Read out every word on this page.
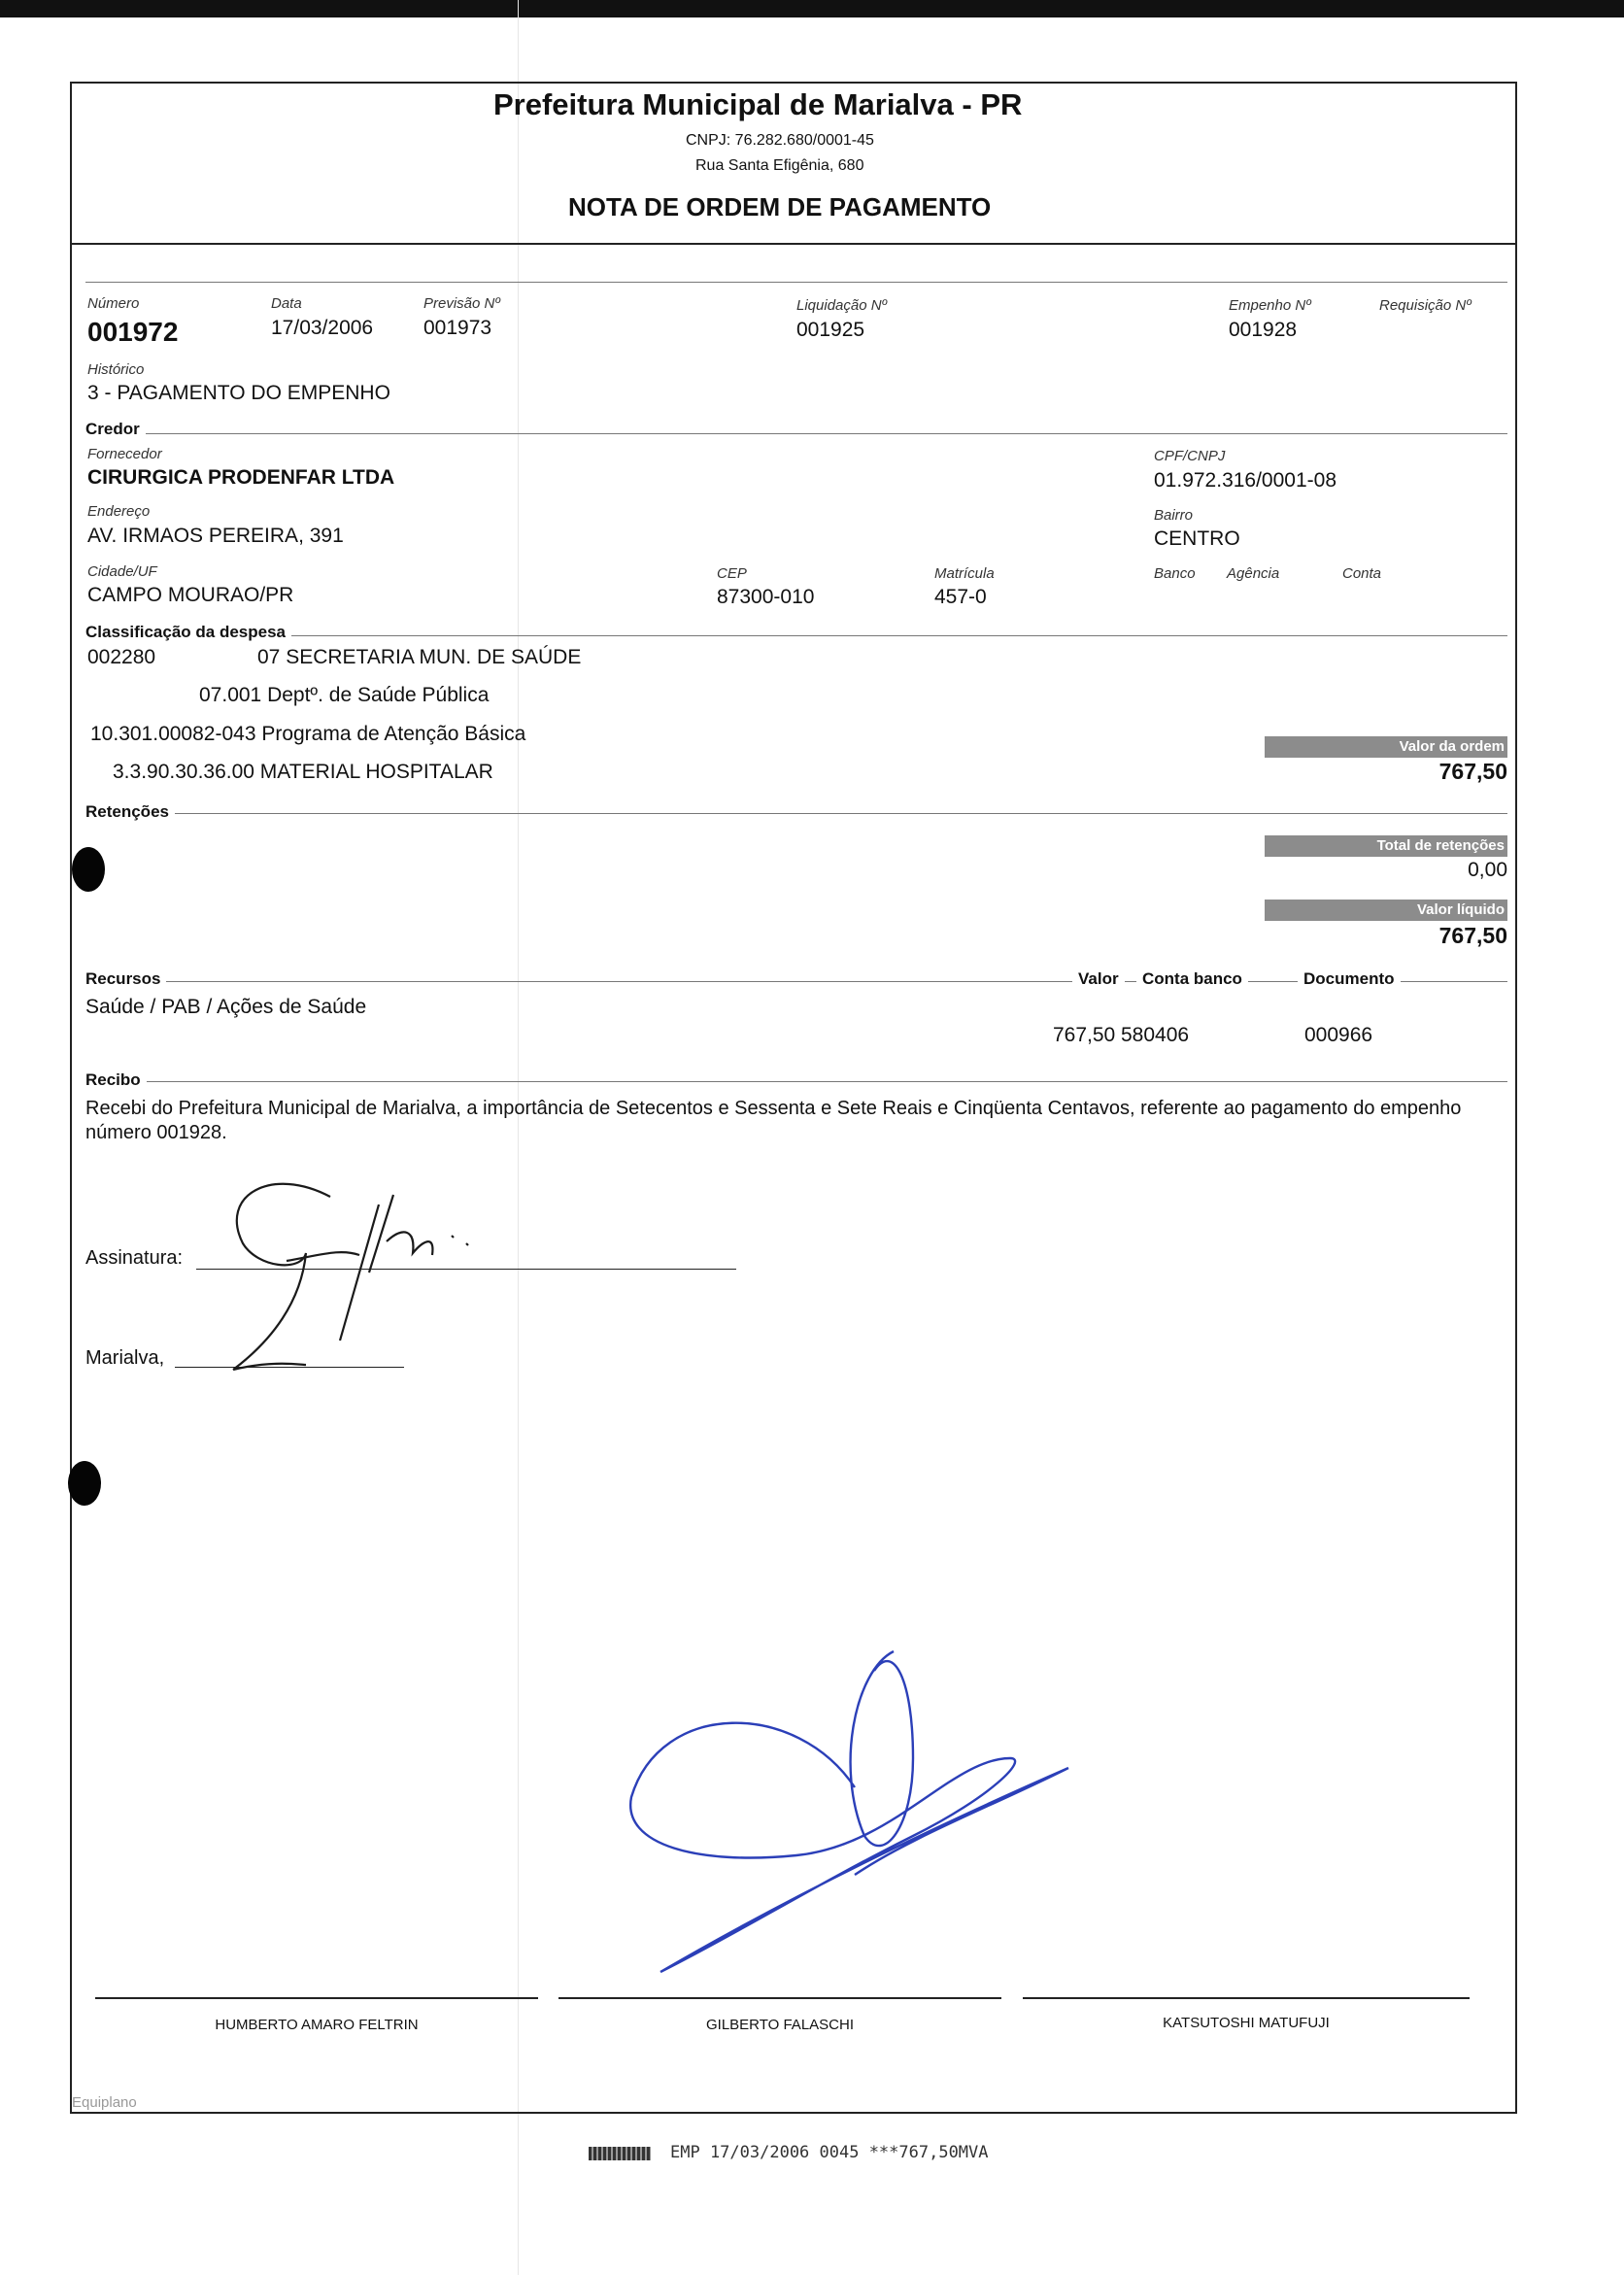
Prefeitura Municipal de Marialva - PR
CNPJ: 76.282.680/0001-45
Rua Santa Efigênia, 680
NOTA DE ORDEM DE PAGAMENTO
Número
001972
Data
17/03/2006
Previsão Nº
001973
Liquidação Nº
001925
Empenho Nº
001928
Requisição Nº
Histórico
3 - PAGAMENTO DO EMPENHO
Credor
Fornecedor
CIRURGICA PRODENFAR LTDA
CPF/CNPJ
01.972.316/0001-08
Endereço
AV. IRMAOS PEREIRA, 391
Bairro
CENTRO
Cidade/UF
CAMPO MOURAO/PR
CEP
87300-010
Matrícula
457-0
Banco Agência	Conta
Classificação da despesa
002280	07 SECRETARIA MUN. DE SAÚDE
07.001 Deptº. de Saúde Pública
10.301.00082-043 Programa de Atenção Básica
3.3.90.30.36.00 MATERIAL HOSPITALAR
Valor da ordem
767,50
Retenções
Total de retenções
0,00
Valor líquido
767,50
Recursos	Valor	Conta banco	Documento
Saúde / PAB / Ações de Saúde
767,50 580406	000966
Recibo
Recebi do Prefeitura Municipal de Marialva, a importância de Setecentos e Sessenta e Sete Reais e Cinqüenta Centavos, referente ao pagamento do empenho número 001928.
Assinatura:
Marialva,
HUMBERTO AMARO FELTRIN	GILBERTO FALASCHI	KATSUTOSHI MATUFUJI
Equiplano
EMP 17/03/2006 0045 ***767,50MVA
